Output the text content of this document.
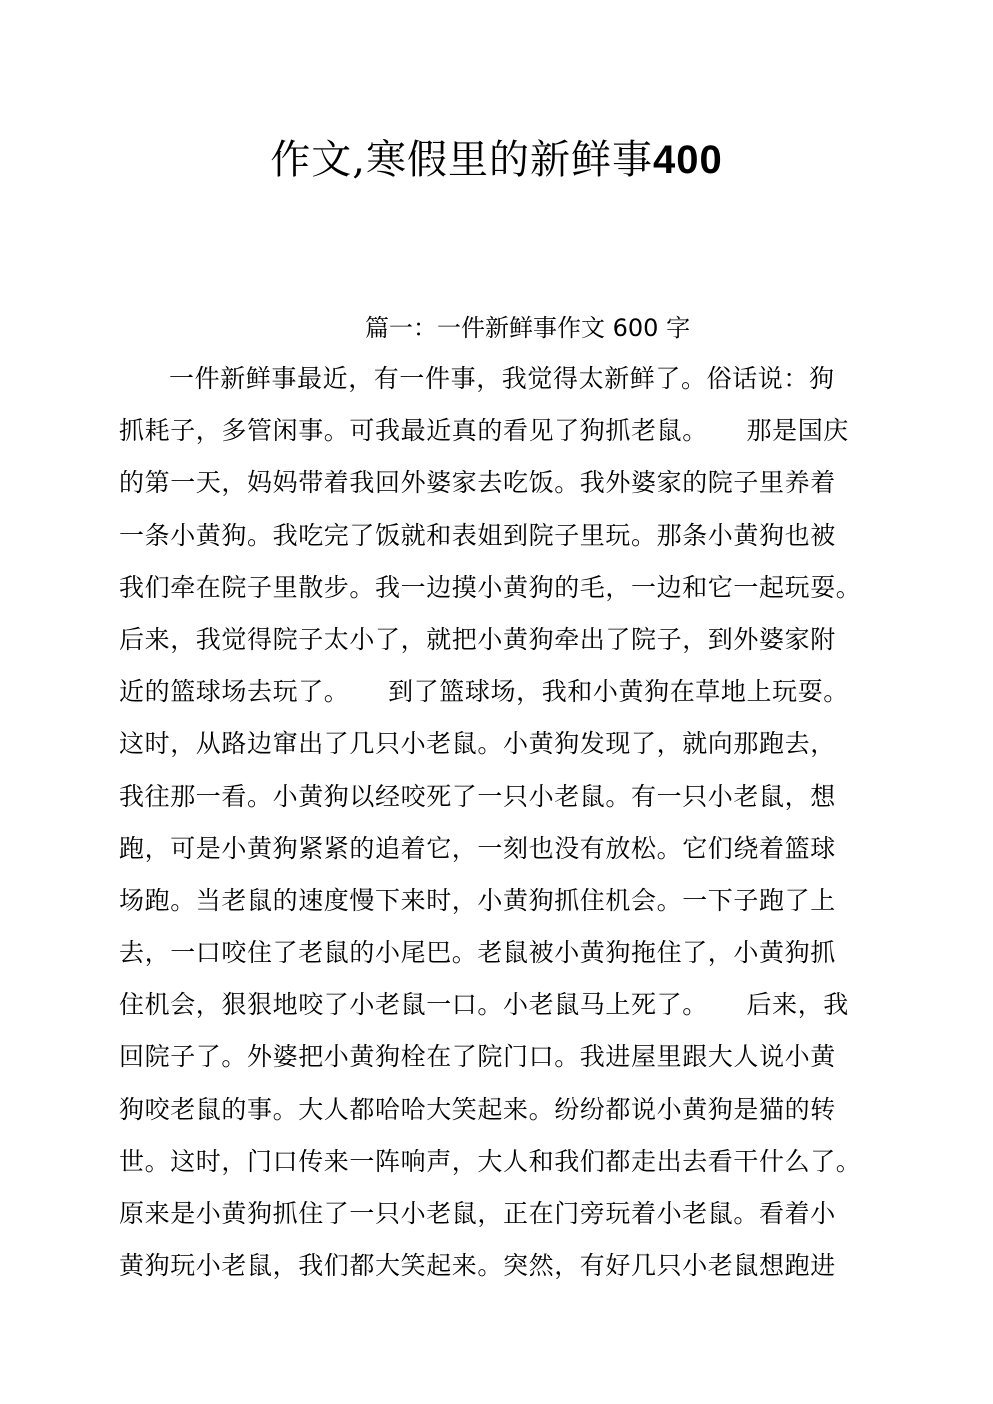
作文,寒假里的新鲜事400
篇一：一件新鲜事作文 600 字
一件新鲜事最近，有一件事，我觉得太新鲜了。俗话说：狗
抓耗子，多管闲事。可我最近真的看见了狗抓老鼠。　　那是国庆
的第一天，妈妈带着我回外婆家去吃饭。我外婆家的院子里养着
一条小黄狗。我吃完了饭就和表姐到院子里玩。那条小黄狗也被
我们牵在院子里散步。我一边摸小黄狗的毛，一边和它一起玩耍。
后来，我觉得院子太小了，就把小黄狗牵出了院子，到外婆家附
近的篮球场去玩了。　　到了篮球场，我和小黄狗在草地上玩耍。
这时，从路边窜出了几只小老鼠。小黄狗发现了，就向那跑去，
我往那一看。小黄狗以经咬死了一只小老鼠。有一只小老鼠，想
跑，可是小黄狗紧紧的追着它，一刻也没有放松。它们绕着篮球
场跑。当老鼠的速度慢下来时，小黄狗抓住机会。一下子跑了上
去，一口咬住了老鼠的小尾巴。老鼠被小黄狗拖住了，小黄狗抓
住机会，狠狠地咬了小老鼠一口。小老鼠马上死了。　　后来，我
回院子了。外婆把小黄狗栓在了院门口。我进屋里跟大人说小黄
狗咬老鼠的事。大人都哈哈大笑起来。纷纷都说小黄狗是猫的转
世。这时，门口传来一阵响声，大人和我们都走出去看干什么了。
原来是小黄狗抓住了一只小老鼠，正在门旁玩着小老鼠。看着小
黄狗玩小老鼠，我们都大笑起来。突然，有好几只小老鼠想跑进
